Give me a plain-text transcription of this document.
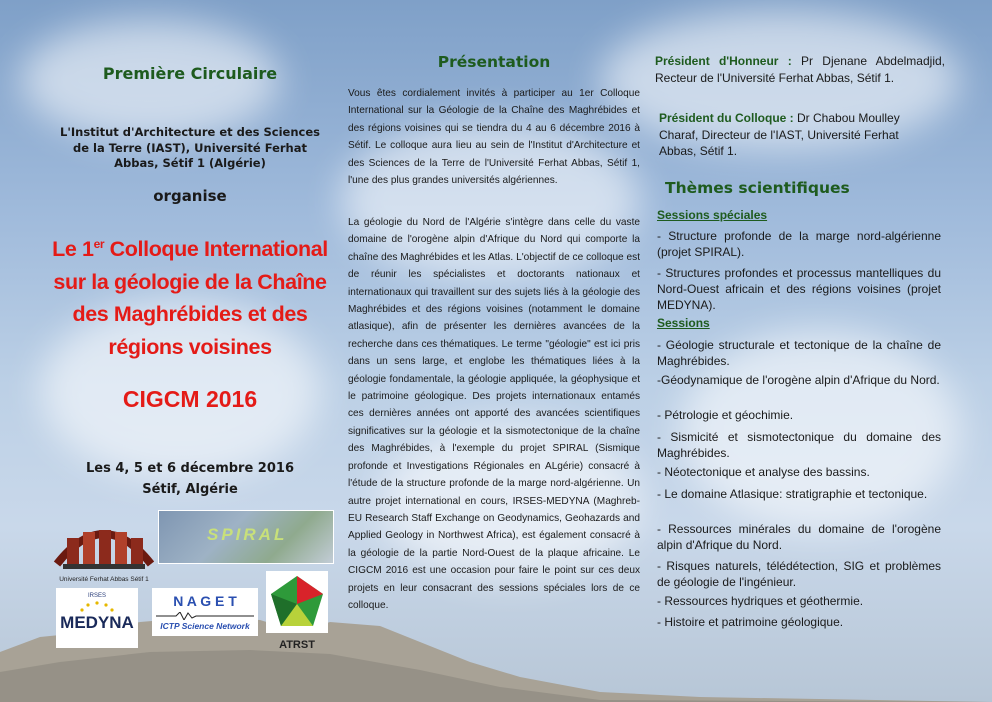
Première Circulaire
L'Institut d'Architecture et des Sciences de la Terre (IAST), Université Ferhat Abbas, Sétif 1 (Algérie)
organise
Le 1er Colloque International sur la géologie de la Chaîne des Maghrébides et des régions voisines
CIGCM 2016
Les 4, 5 et 6 décembre 2016
Sétif, Algérie
Université Ferhat Abbas Sétif 1
SPIRAL
IRSES
MEDYNA
N A G E T
ICTP Science Network
ATRST
Présentation
Vous êtes cordialement invités à participer au 1er Colloque International sur la Géologie de la Chaîne des Maghrébides et des régions voisines qui se tiendra du 4 au 6 décembre 2016 à Sétif. Le colloque aura lieu au sein de l'Institut d'Architecture et des Sciences de la Terre de l'Université Ferhat Abbas, Sétif 1, l'une des plus grandes universités algériennes.
La géologie du Nord de l'Algérie s'intègre dans celle du vaste domaine de l'orogène alpin d'Afrique du Nord qui comporte la chaîne des Maghrébides et les Atlas. L'objectif de ce colloque est de réunir les spécialistes et doctorants nationaux et internationaux qui travaillent sur des sujets liés à la géologie des Maghrébides et des régions voisines (notamment le domaine atlasique), afin de présenter les dernières avancées de la recherche dans ces thématiques. Le terme "géologie" est ici pris dans un sens large, et englobe les thématiques liées à la géologie fondamentale, la géologie appliquée, la géophysique et le patrimoine géologique. Des projets internationaux entamés ces dernières années ont apporté des avancées scientifiques significatives sur la géologie et la sismotectonique de la chaîne des Maghrébides, à l'exemple du projet SPIRAL (Sismique profonde et Investigations Régionales en ALgérie) consacré à l'étude de la structure profonde de la marge nord-algérienne. Un autre projet international en cours, IRSES-MEDYNA (Maghreb-EU Research Staff Exchange on Geodynamics, Geohazards and Applied Geology in Northwest Africa), est également consacré à la géologie de la partie Nord-Ouest de la plaque africaine. Le CIGCM 2016 est une occasion pour faire le point sur ces deux projets en leur consacrant des sessions spéciales lors de ce colloque.
Président d'Honneur : Pr Djenane Abdelmadjid, Recteur de l'Université Ferhat Abbas, Sétif 1.
Président du Colloque : Dr Chabou Moulley Charaf, Directeur de l'IAST, Université Ferhat Abbas, Sétif 1.
Thèmes scientifiques
Sessions spéciales
- Structure profonde de la marge nord-algérienne (projet SPIRAL).
- Structures profondes et processus mantelliques du Nord-Ouest africain et des régions voisines (projet MEDYNA).
Sessions
- Géologie structurale et tectonique de la chaîne de Maghrébides.
-Géodynamique de l'orogène alpin d'Afrique du Nord.
- Pétrologie et géochimie.
- Sismicité et sismotectonique du domaine des Maghrébides.
- Néotectonique et analyse des bassins.
- Le domaine Atlasique: stratigraphie et tectonique.
- Ressources minérales du domaine de l'orogène alpin d'Afrique du Nord.
- Risques naturels, télédétection, SIG et problèmes de géologie de l'ingénieur.
- Ressources hydriques et géothermie.
- Histoire et patrimoine géologique.
